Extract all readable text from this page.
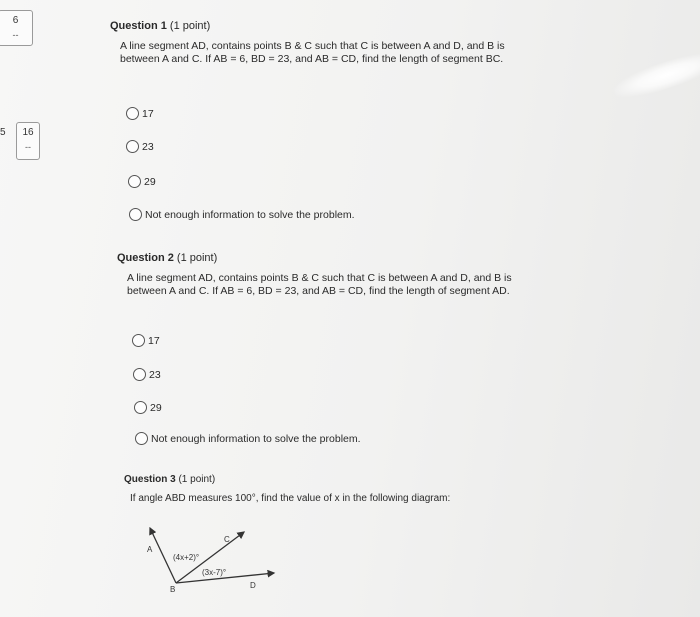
6
--
5	16
--
Question 1 (1 point)
A line segment AD, contains points B & C such that C is between A and D, and B is between A and C. If AB = 6, BD = 23, and AB = CD, find the length of segment BC.
17
23
29
Not enough information to solve the problem.
Question 2 (1 point)
A line segment AD, contains points B & C such that C is between A and D, and B is between A and C. If AB = 6, BD = 23, and AB = CD, find the length of segment AD.
17
23
29
Not enough information to solve the problem.
Question 3 (1 point)
If angle ABD measures 100°, find the value of x in the following diagram:
A
B
C
D
(4x+2)°
(3x-7)°
